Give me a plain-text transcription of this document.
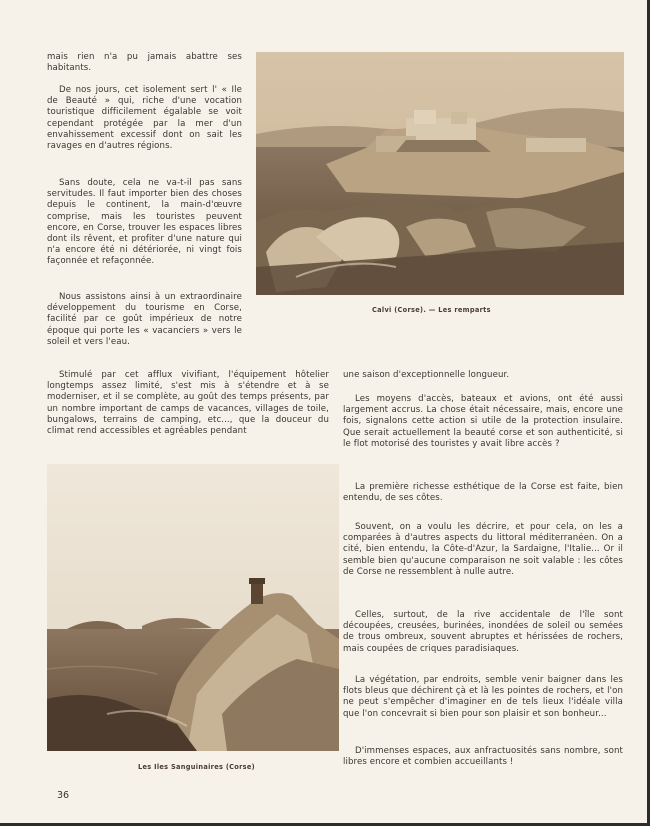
mais rien n'a pu jamais abattre ses habitants.

De nos jours, cet isolement sert l' « Ile de Beauté » qui, riche d'une vocation touristique difficilement égalable se voit cependant protégée par la mer d'un envahissement excessif dont on sait les ravages en d'autres régions.

Sans doute, cela ne va-t-il pas sans servitudes. Il faut importer bien des choses depuis le continent, la main-d'œuvre comprise, mais les touristes peuvent encore, en Corse, trouver les espaces libres dont ils rêvent, et profiter d'une nature qui n'a encore été ni détériorée, ni vingt fois façonnée et refaçonnée.

Nous assistons ainsi à un extraordinaire développement du tourisme en Corse, facilité par ce goût impérieux de notre époque qui porte les « vacanciers » vers le soleil et vers l'eau.

Calvi (Corse). — Les remparts

Stimulé par cet afflux vivifiant, l'équipement hôtelier longtemps assez limité, s'est mis à s'étendre et à se moderniser, et il se complète, au goût des temps présents, par un nombre important de camps de vacances, villages de toile, bungalows, terrains de camping, etc..., que la douceur du climat rend accessibles et agréables pendant

Les Iles Sanguinaires (Corse)

une saison d'exceptionnelle longueur.

Les moyens d'accès, bateaux et avions, ont été aussi largement accrus. La chose était nécessaire, mais, encore une fois, signalons cette action si utile de la protection insulaire. Que serait actuellement la beauté corse et son authenticité, si le flot motorisé des touristes y avait libre accès ?

La première richesse esthétique de la Corse est faite, bien entendu, de ses côtes.

Souvent, on a voulu les décrire, et pour cela, on les a comparées à d'autres aspects du littoral méditerranéen. On a cité, bien entendu, la Côte-d'Azur, la Sardaigne, l'Italie... Or il semble bien qu'aucune comparaison ne soit valable : les côtes de Corse ne ressemblent à nulle autre.

Celles, surtout, de la rive accidentale de l'île sont découpées, creusées, burinées, inondées de soleil ou semées de trous ombreux, souvent abruptes et hérissées de rochers, mais coupées de criques paradisiaques.

La végétation, par endroits, semble venir baigner dans les flots bleus que déchirent çà et là les pointes de rochers, et l'on ne peut s'empêcher d'imaginer en de tels lieux l'idéale villa que l'on concevrait si bien pour son plaisir et son bonheur...

D'immenses espaces, aux anfractuosités sans nombre, sont libres encore et combien accueillants !

36
